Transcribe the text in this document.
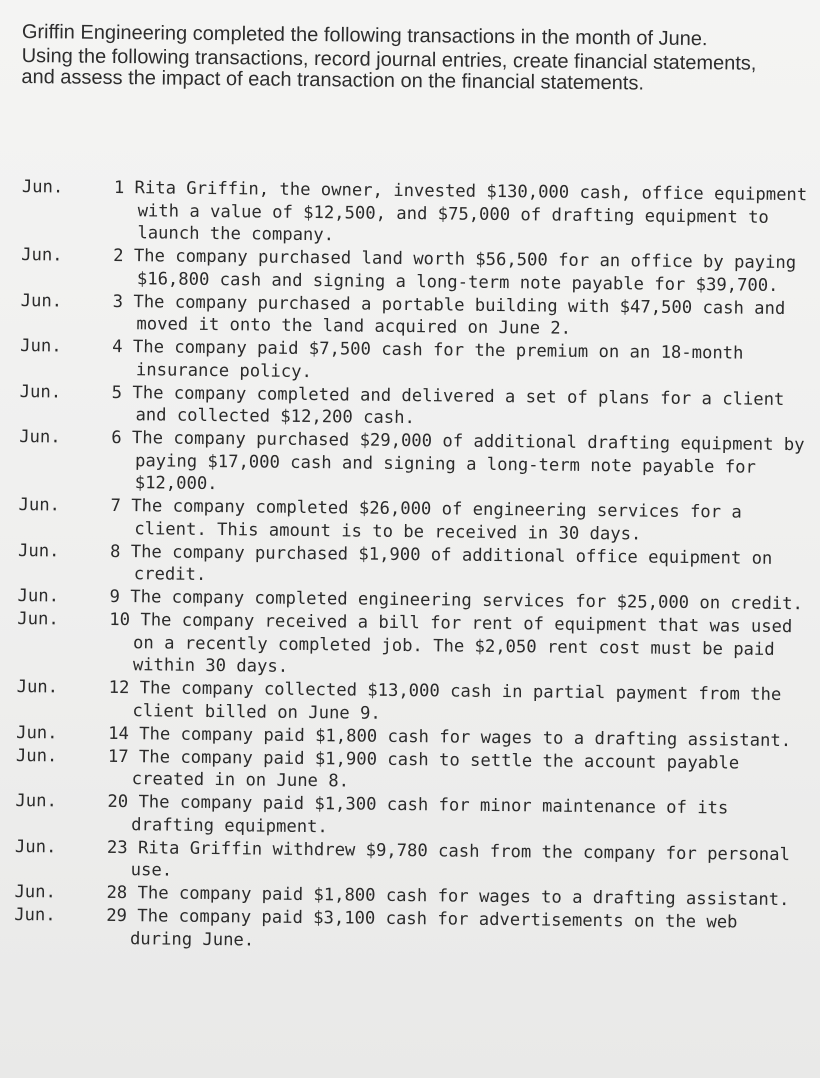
Griffin Engineering completed the following transactions in the month of June.

Using the following transactions, record journal entries, create financial statements, and assess the impact of each transaction on the financial statements.

Jun.	1 Rita Griffin, the owner, invested $130,000 cash, office equipment with a value of $12,500, and $75,000 of drafting equipment to launch the company.
Jun.	2 The company purchased land worth $56,500 for an office by paying $16,800 cash and signing a long-term note payable for $39,700.
Jun.	3 The company purchased a portable building with $47,500 cash and moved it onto the land acquired on June 2.
Jun.	4 The company paid $7,500 cash for the premium on an 18-month insurance policy.
Jun.	5 The company completed and delivered a set of plans for a client and collected $12,200 cash.
Jun.	6 The company purchased $29,000 of additional drafting equipment by paying $17,000 cash and signing a long-term note payable for $12,000.
Jun.	7 The company completed $26,000 of engineering services for a client. This amount is to be received in 30 days.
Jun.	8 The company purchased $1,900 of additional office equipment on credit.
Jun.	9 The company completed engineering services for $25,000 on credit.
Jun.	10 The company received a bill for rent of equipment that was used on a recently completed job. The $2,050 rent cost must be paid within 30 days.
Jun.	12 The company collected $13,000 cash in partial payment from the client billed on June 9.
Jun.	14 The company paid $1,800 cash for wages to a drafting assistant.
Jun.	17 The company paid $1,900 cash to settle the account payable created in on June 8.
Jun.	20 The company paid $1,300 cash for minor maintenance of its drafting equipment.
Jun.	23 Rita Griffin withdrew $9,780 cash from the company for personal use.
Jun.	28 The company paid $1,800 cash for wages to a drafting assistant.
Jun.	29 The company paid $3,100 cash for advertisements on the web during June.
